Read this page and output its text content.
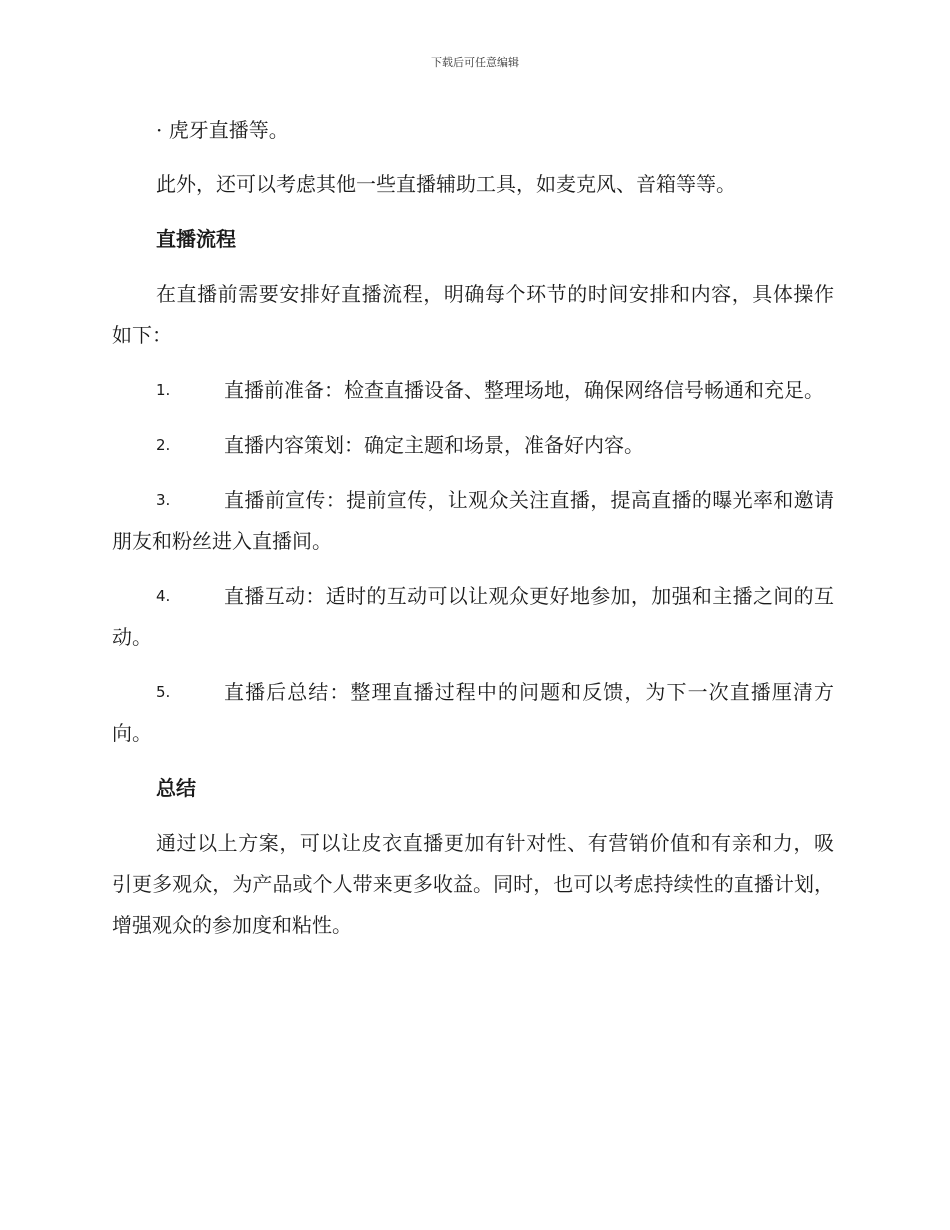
下载后可任意编辑

· 虎牙直播等。

此外，还可以考虑其他一些直播辅助工具，如麦克风、音箱等等。

直播流程

在直播前需要安排好直播流程，明确每个环节的时间安排和内容，具体操作如下：

1.	直播前准备：检查直播设备、整理场地，确保网络信号畅通和充足。
2.	直播内容策划：确定主题和场景，准备好内容。
3.	直播前宣传：提前宣传，让观众关注直播，提高直播的曝光率和邀请朋友和粉丝进入直播间。
4.	直播互动：适时的互动可以让观众更好地参加，加强和主播之间的互动。
5.	直播后总结：整理直播过程中的问题和反馈，为下一次直播厘清方向。
总结

通过以上方案，可以让皮衣直播更加有针对性、有营销价值和有亲和力，吸引更多观众，为产品或个人带来更多收益。同时，也可以考虑持续性的直播计划，增强观众的参加度和粘性。
